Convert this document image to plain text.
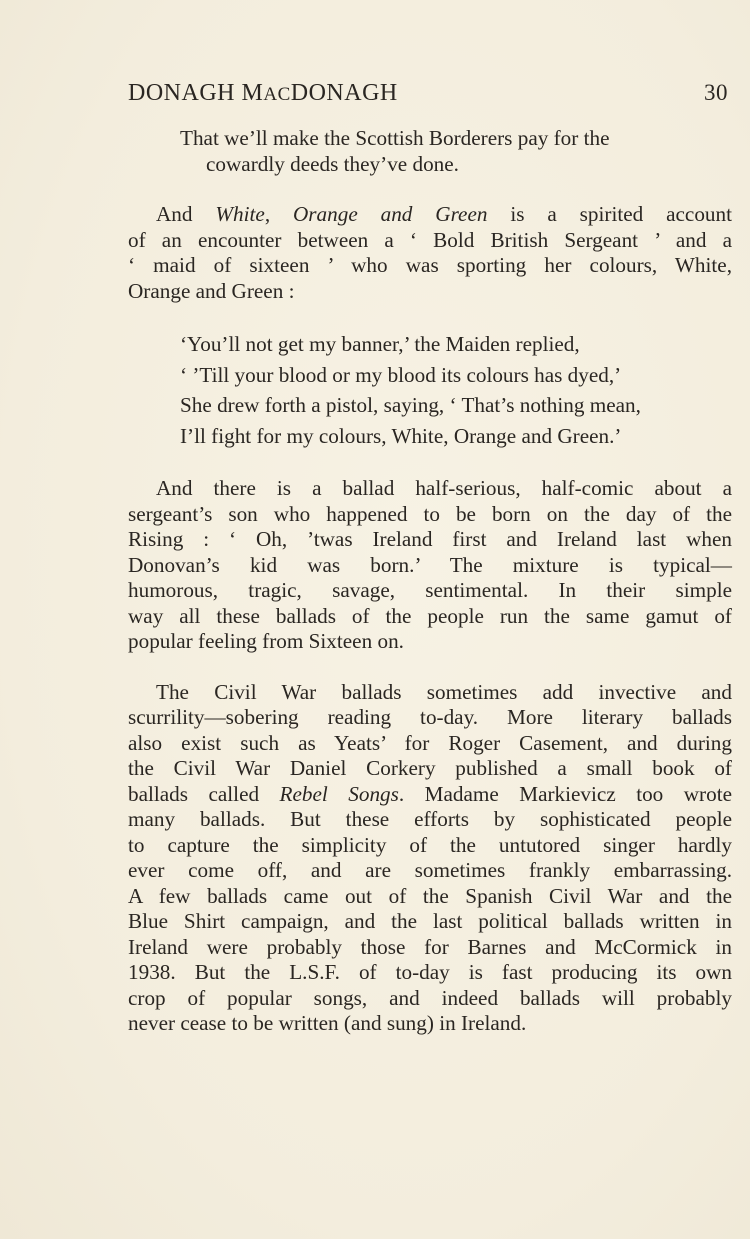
DONAGH MACDONAGH	30
That we’ll make the Scottish Borderers pay for the
cowardly deeds they’ve done.
And White, Orange and Green is a spirited account
of an encounter between a ‘ Bold British Sergeant ’ and a
‘ maid of sixteen ’ who was sporting her colours, White,
Orange and Green :
‘You’ll not get my banner,’ the Maiden replied,
‘ ’Till your blood or my blood its colours has dyed,’
She drew forth a pistol, saying, ‘ That’s nothing mean,
I’ll fight for my colours, White, Orange and Green.’
And there is a ballad half-serious, half-comic about a
sergeant’s son who happened to be born on the day of the
Rising : ‘ Oh, ’twas Ireland first and Ireland last when
Donovan’s kid was born.’ The mixture is typical—
humorous, tragic, savage, sentimental. In their simple
way all these ballads of the people run the same gamut of
popular feeling from Sixteen on.
The Civil War ballads sometimes add invective and
scurrility—sobering reading to-day. More literary ballads
also exist such as Yeats’ for Roger Casement, and during
the Civil War Daniel Corkery published a small book of
ballads called Rebel Songs. Madame Markievicz too wrote
many ballads. But these efforts by sophisticated people
to capture the simplicity of the untutored singer hardly
ever come off, and are sometimes frankly embarrassing.
A few ballads came out of the Spanish Civil War and the
Blue Shirt campaign, and the last political ballads written in
Ireland were probably those for Barnes and McCormick in
1938. But the L.S.F. of to-day is fast producing its own
crop of popular songs, and indeed ballads will probably
never cease to be written (and sung) in Ireland.
